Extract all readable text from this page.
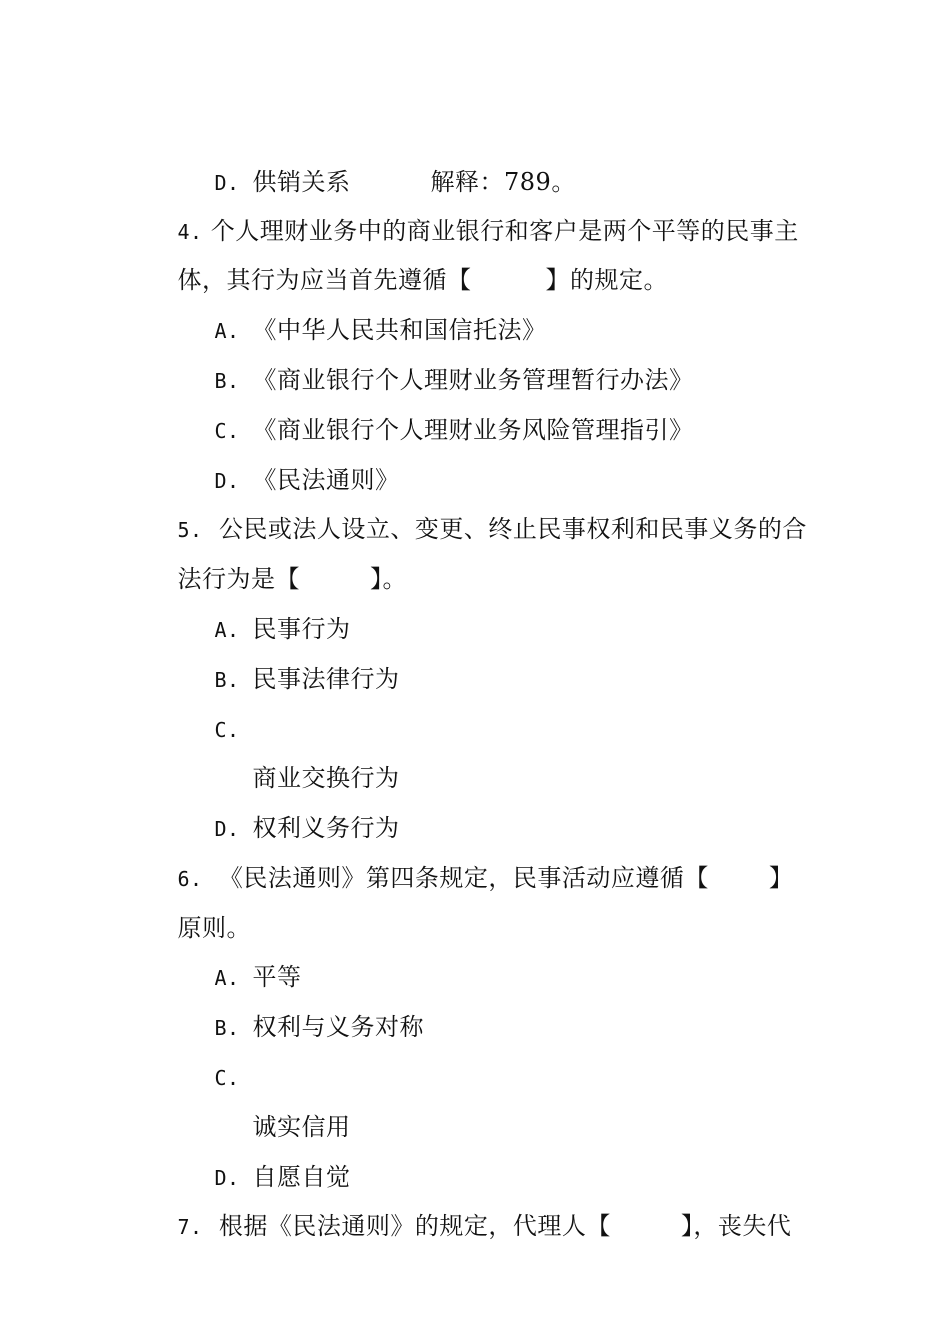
D. 供销关系	解释：789。

4. 个人理财业务中的商业银行和客户是两个平等的民事主

体，其行为应当首先遵循【	】的规定。

A. 《中华人民共和国信托法》

B. 《商业银行个人理财业务管理暂行办法》

C. 《商业银行个人理财业务风险管理指引》

D. 《民法通则》

5. 公民或法人设立、变更、终止民事权利和民事义务的合

法行为是【	】。

A. 民事行为

B. 民事法律行为

C.

商业交换行为

D. 权利义务行为

6. 《民法通则》第四条规定，民事活动应遵循【	】

原则。

A. 平等

B. 权利与义务对称

C.

诚实信用

D. 自愿自觉

7. 根据《民法通则》的规定，代理人【	】，丧失代
